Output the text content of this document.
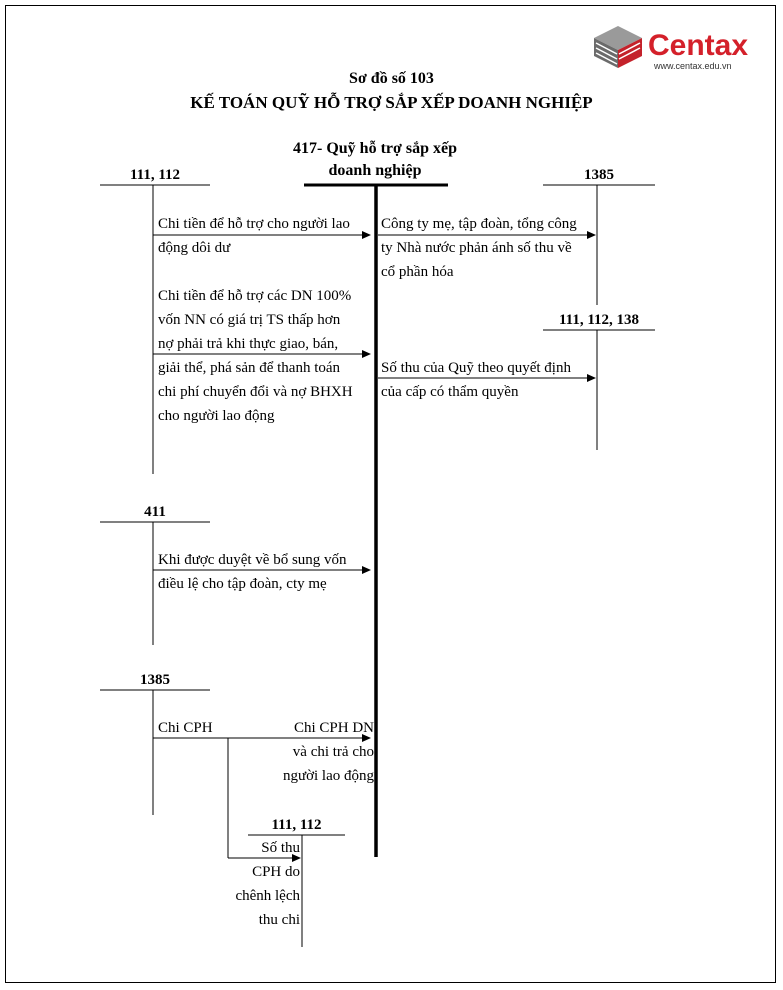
Centax
www.centax.edu.vn
Sơ đồ số 103
KẾ TOÁN QUỸ HỖ TRỢ SẮP XẾP DOANH NGHIỆP
417- Quỹ hỗ trợ sắp xếp
doanh nghiệp
111, 112	1385
111, 112, 138
411
1385
111, 112
Chi tiền để hỗ trợ cho người lao
động dôi dư
Chi tiền để hỗ trợ các DN 100%
vốn NN có giá trị TS thấp hơn
nợ phải trả khi thực giao, bán,
giải thể, phá sản để thanh toán
chi phí chuyển đổi và nợ BHXH
cho người lao động
Công ty mẹ, tập đoàn, tổng công
ty Nhà nước phản ánh số thu về
cổ phần hóa
Số thu của Quỹ theo quyết định
của cấp có thẩm quyền
Khi được duyệt về bổ sung vốn
điều lệ cho tập đoàn, cty mẹ
Chi CPH	Chi CPH DN
và chi trả cho
người lao động
Số thu
CPH do
chênh lệch
thu chi
